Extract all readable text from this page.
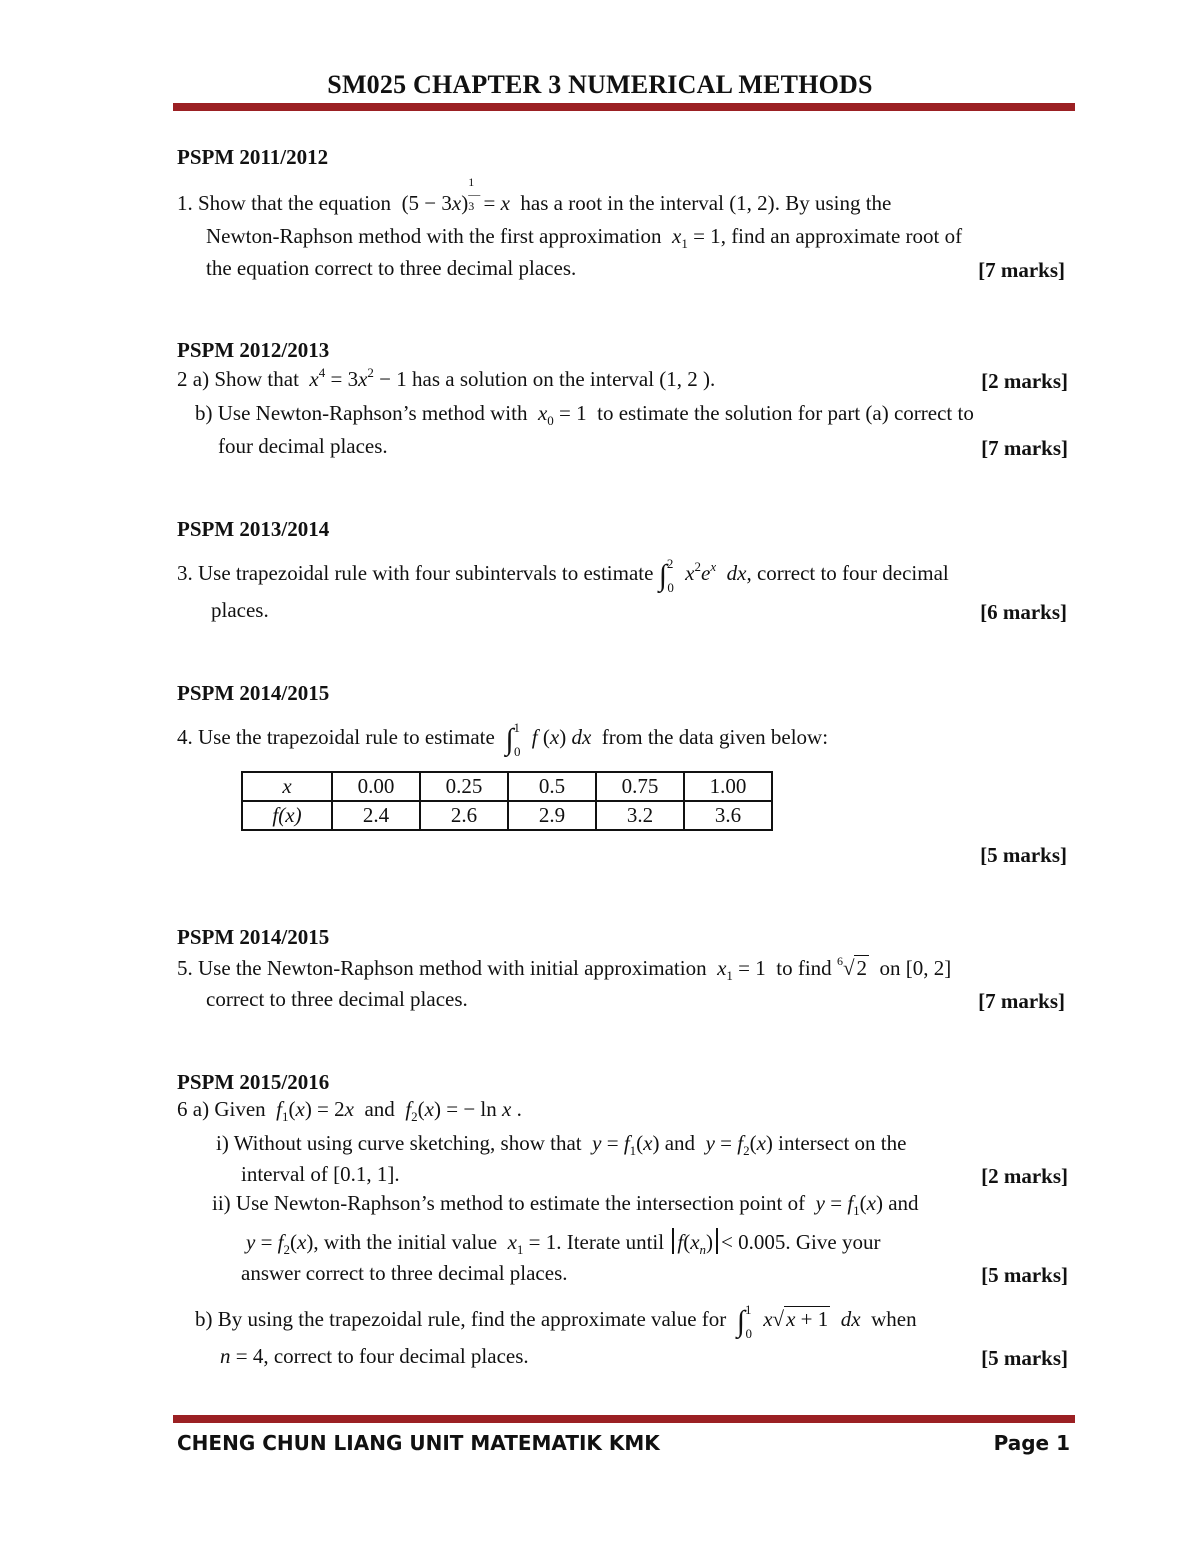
SM025 CHAPTER 3 NUMERICAL METHODS
PSPM 2011/2012
1. Show that the equation  (5 − 3x)
1
—
3 = x has a root in the interval (1, 2). By using the
Newton-Raphson method with the first approximation $x_1 = 1$, find an approximate root of
the equation correct to three decimal places.	[7 marks]
PSPM 2012/2013
2 a) Show that $x^4 = 3x^2 - 1$ has a solution on the interval (1, 2 ).	[2 marks]
b) Use Newton-Raphson’s method with $x_0 = 1$  to estimate the solution for part (a) correct to
four decimal places.	[7 marks]
PSPM 2013/2014
3. Use trapezoidal rule with four subintervals to estimate ∫$^2_0$ $x^2e^x$ dx, correct to four decimal
places.	[6 marks]
PSPM 2014/2015
4. Use the trapezoidal rule to estimate ∫$^1_0$ f (x) dx from the data given below:
x	0.00	0.25	0.5	0.75	1.00
f(x)	2.4	2.6	2.9	3.2	3.6
[5 marks]
PSPM 2014/2015
5. Use the Newton-Raphson method with initial approximation $x_1 = 1$  to find $^6$√2 on [0, 2]
correct to three decimal places.	[7 marks]
PSPM 2015/2016
6 a) Given $f_1(x) = 2x$ and $f_2(x)$ = − ln x .
i) Without using curve sketching, show that $y = f_1(x)$ and $y = f_2(x)$ intersect on the
interval of [0.1, 1].	[2 marks]
ii) Use Newton-Raphson’s method to estimate the intersection point of $y = f_1(x)$ and
$y = f_2(x)$, with the initial value $x_1 = 1$. Iterate until $f(x_n) < 0.005$. Give your
answer correct to three decimal places.	[5 marks]
b) By using the trapezoidal rule, find the approximate value for ∫$^1_0$ x√x + 1 dx when
n = 4, correct to four decimal places.	[5 marks]
CHENG CHUN LIANG UNIT MATEMATIK KMK	Page 1
